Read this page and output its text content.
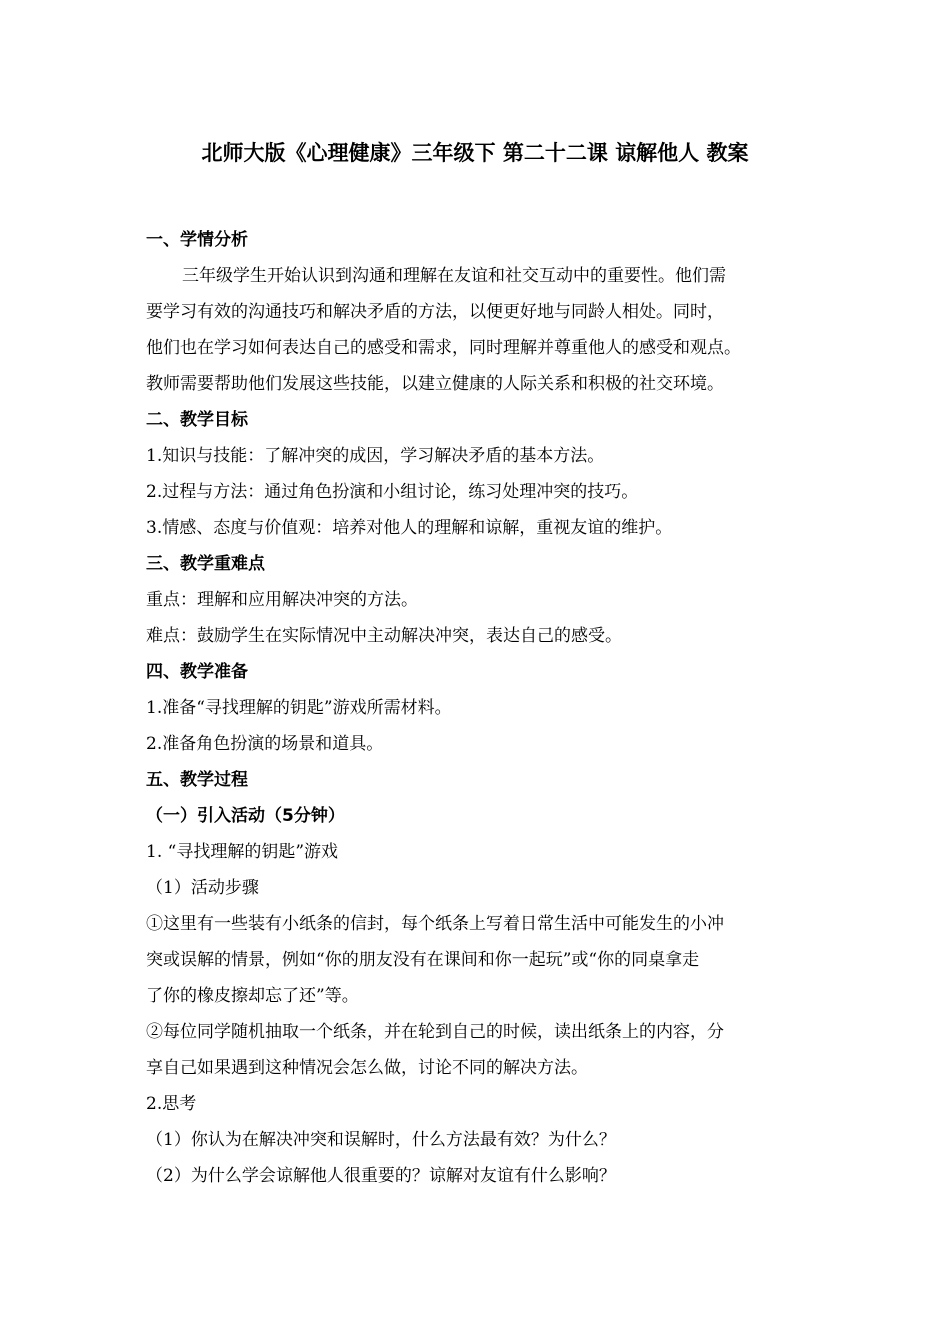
北师大版《心理健康》三年级下 第二十二课 谅解他人 教案
一、学情分析
三年级学生开始认识到沟通和理解在友谊和社交互动中的重要性。他们需
要学习有效的沟通技巧和解决矛盾的方法，以便更好地与同龄人相处。同时，
他们也在学习如何表达自己的感受和需求，同时理解并尊重他人的感受和观点。
教师需要帮助他们发展这些技能，以建立健康的人际关系和积极的社交环境。
二、教学目标
1.知识与技能：了解冲突的成因，学习解决矛盾的基本方法。
2.过程与方法：通过角色扮演和小组讨论，练习处理冲突的技巧。
3.情感、态度与价值观：培养对他人的理解和谅解，重视友谊的维护。
三、教学重难点
重点：理解和应用解决冲突的方法。
难点：鼓励学生在实际情况中主动解决冲突，表达自己的感受。
四、教学准备
1.准备“寻找理解的钥匙”游戏所需材料。
2.准备角色扮演的场景和道具。
五、教学过程
（一）引入活动（5分钟）
1. “寻找理解的钥匙”游戏
（1）活动步骤
①这里有一些装有小纸条的信封，每个纸条上写着日常生活中可能发生的小冲
突或误解的情景，例如“你的朋友没有在课间和你一起玩”或“你的同桌拿走
了你的橡皮擦却忘了还”等。
②每位同学随机抽取一个纸条，并在轮到自己的时候，读出纸条上的内容，分
享自己如果遇到这种情况会怎么做，讨论不同的解决方法。
2.思考
（1）你认为在解决冲突和误解时，什么方法最有效？为什么？
（2）为什么学会谅解他人很重要的？谅解对友谊有什么影响？
